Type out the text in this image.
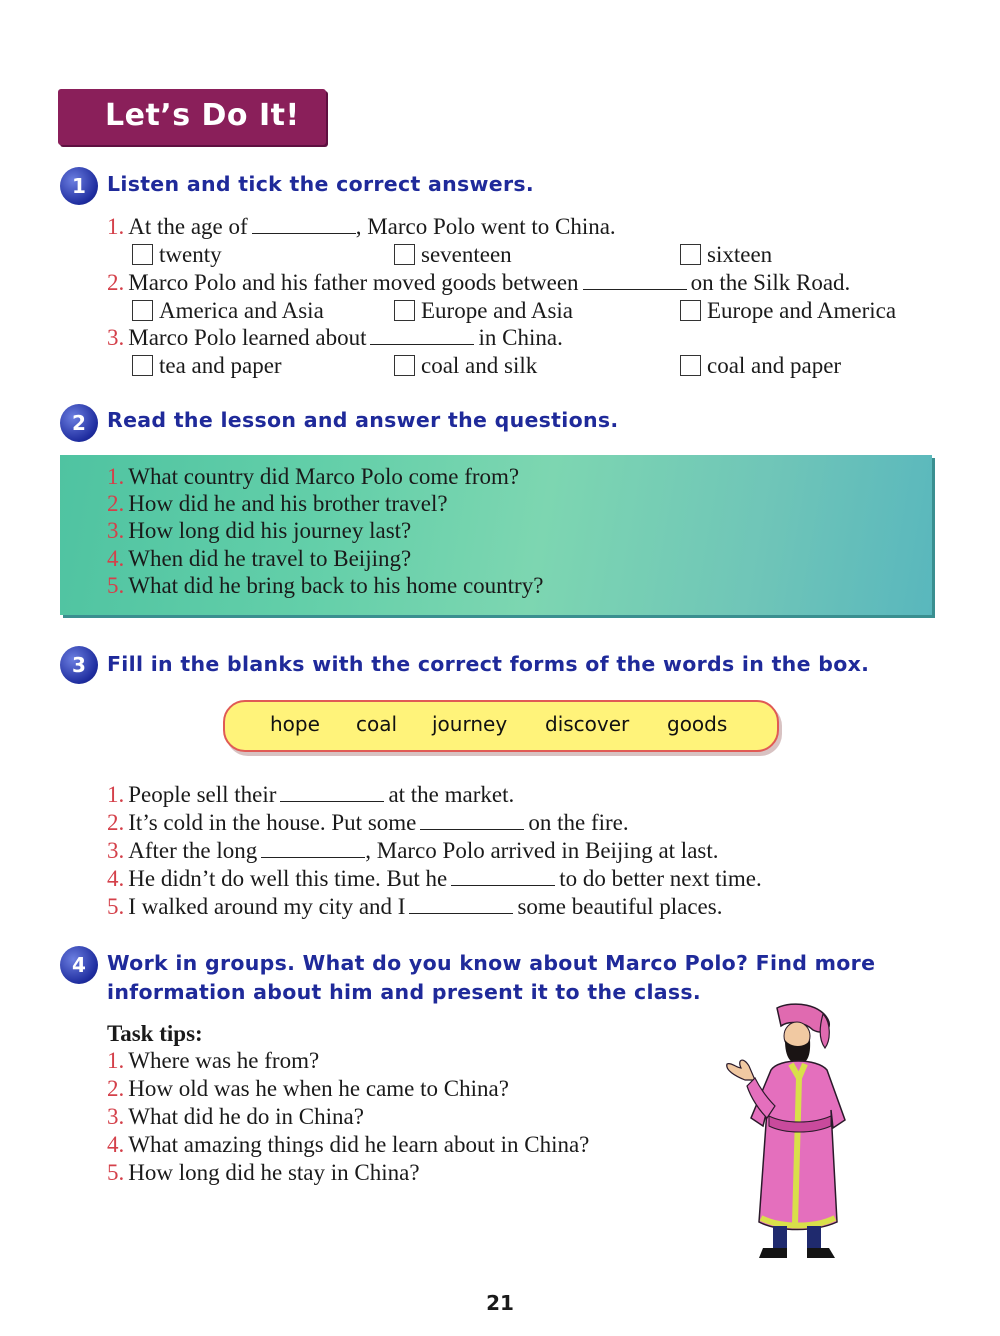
Let’s Do It!
1	Listen and tick the correct answers.
1. At the age of	, Marco Polo went to China.
twenty	seventeen	sixteen
2. Marco Polo and his father moved goods between	on the Silk Road.
America and Asia	Europe and Asia	Europe and America
3. Marco Polo learned about	in China.
tea and paper	coal and silk	coal and paper
2	Read the lesson and answer the questions.
1. What country did Marco Polo come from?
2. How did he and his brother travel?
3. How long did his journey last?
4. When did he travel to Beijing?
5. What did he bring back to his home country?
3	Fill in the blanks with the correct forms of the words in the box.
hope coal journey discover goods
1. People sell their	at the market.
2. It’s cold in the house. Put some	on the fire.
3. After the long	, Marco Polo arrived in Beijing at last.
4. He didn’t do well this time. But he	to do better next time.
5. I walked around my city and I	some beautiful places.
4	Work in groups. What do you know about Marco Polo? Find more
information about him and present it to the class.
Task tips:
1. Where was he from?
2. How old was he when he came to China?
3. What did he do in China?
4. What amazing things did he learn about in China?
5. How long did he stay in China?
21
